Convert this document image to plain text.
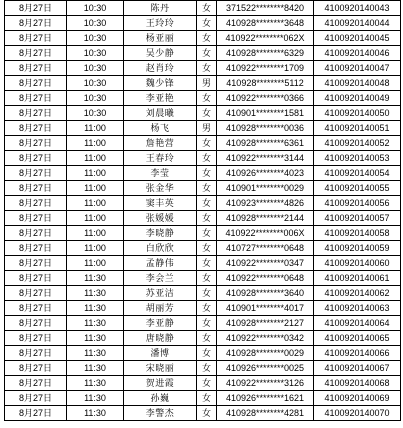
8月27日	10:30	陈丹	女	371522********8420	4100920140043
8月27日	10:30	王玲玲	女	410928********3648	4100920140044
8月27日	10:30	杨亚丽	女	410922********062X	4100920140045
8月27日	10:30	吴少静	女	410928********6329	4100920140046
8月27日	10:30	赵肖玲	女	410922********1709	4100920140047
8月27日	10:30	魏少锋	男	410928********5112	4100920140048
8月27日	10:30	李亚艳	女	410922********0366	4100920140049
8月27日	10:30	刘晨曦	女	410901********1581	4100920140050
8月27日	11:00	杨飞	男	410928********0036	4100920140051
8月27日	11:00	詹艳营	女	410928********6361	4100920140052
8月27日	11:00	王春玲	女	410922********3144	4100920140053
8月27日	11:00	李莹	女	410926********4023	4100920140054
8月27日	11:00	张金华	女	410901********0029	4100920140055
8月27日	11:00	窦丰英	女	410923********4826	4100920140056
8月27日	11:00	张媛媛	女	410928********2144	4100920140057
8月27日	11:00	李晓静	女	410922********006X	4100920140058
8月27日	11:00	白欣欣	女	410727********0648	4100920140059
8月27日	11:00	孟静伟	女	410922********0347	4100920140060
8月27日	11:30	李会兰	女	410922********0648	4100920140061
8月27日	11:30	苏亚洁	女	410928********3640	4100920140062
8月27日	11:30	胡丽芳	女	410901********4017	4100920140063
8月27日	11:30	李亚静	女	410928********2127	4100920140064
8月27日	11:30	唐晓静	女	410922********0342	4100920140065
8月27日	11:30	潘博	女	410928********0029	4100920140066
8月27日	11:30	宋晓丽	女	410926********0025	4100920140067
8月27日	11:30	贺进霞	女	410922********3126	4100920140068
8月27日	11:30	孙巍	女	410926********1621	4100920140069
8月27日	11:30	李警杰	女	410928********4281	4100920140070
